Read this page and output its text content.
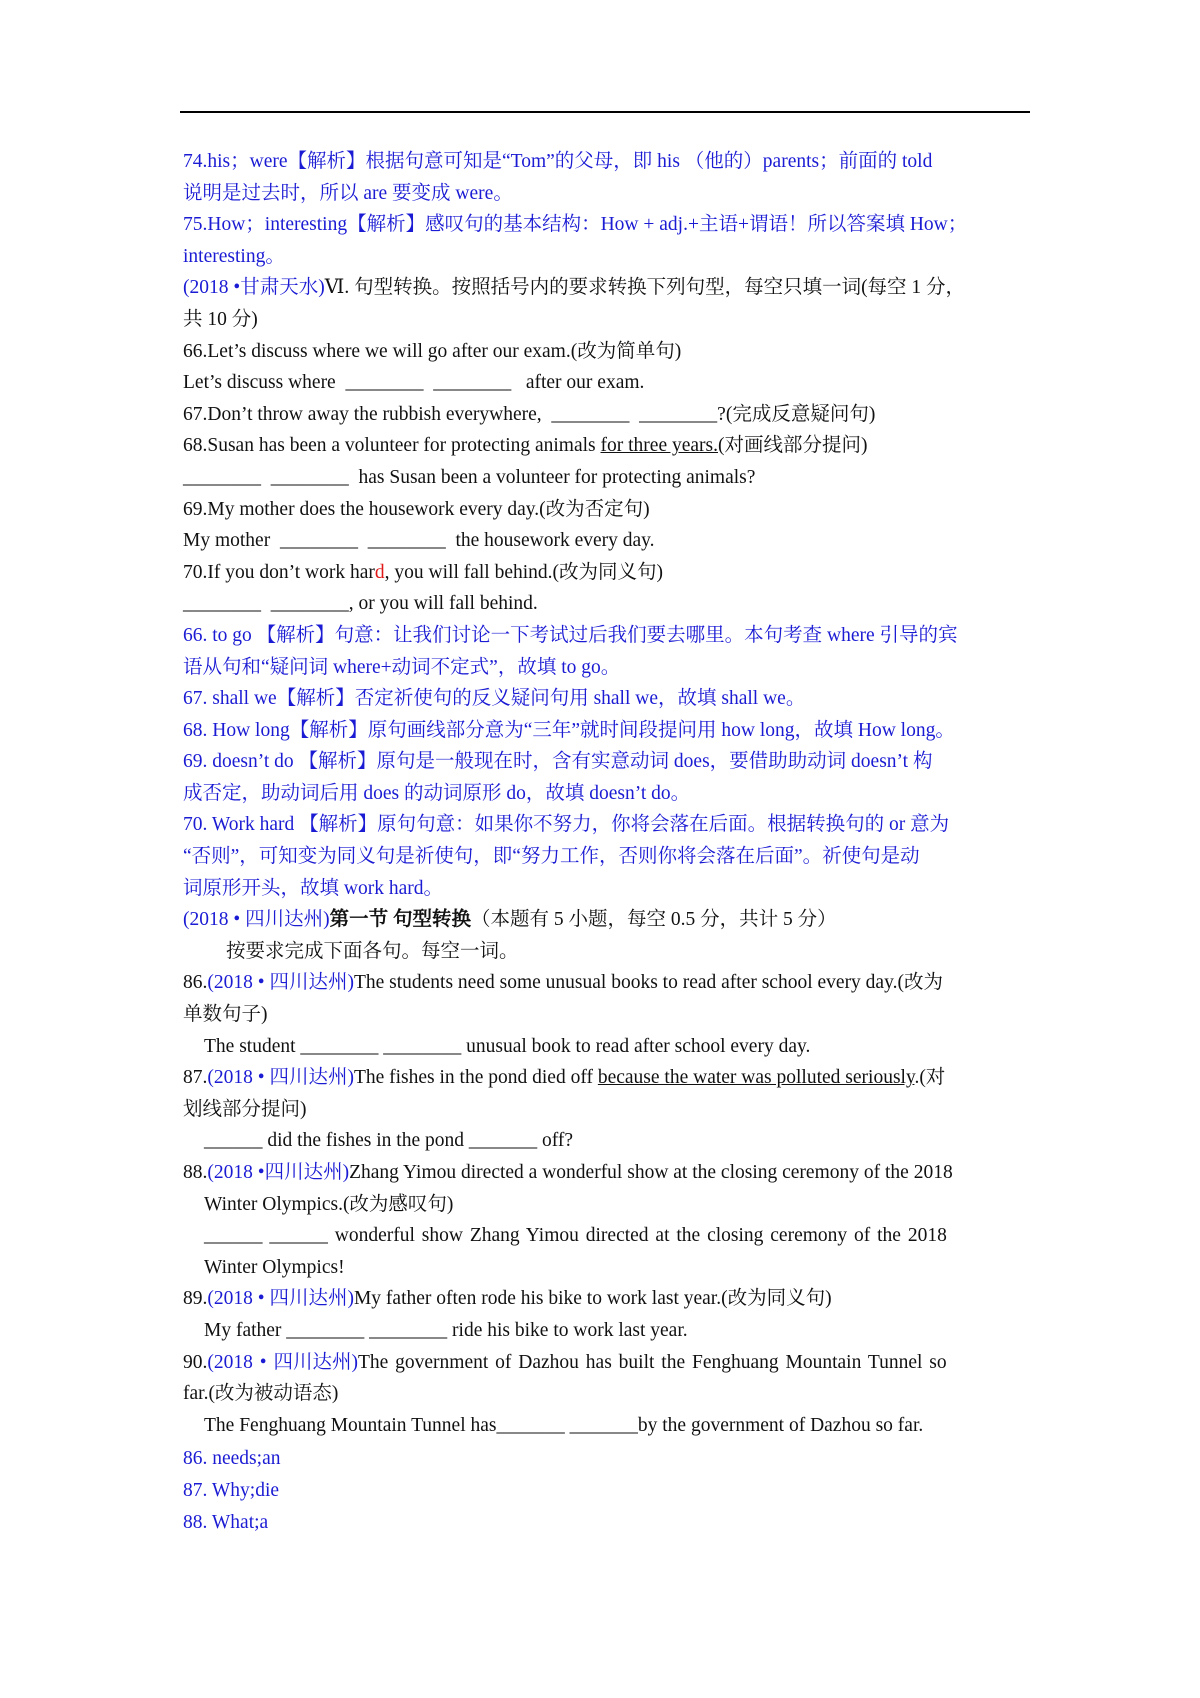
74.his；were【解析】根据句意可知是“Tom”的父母，即 his （他的）parents；前面的 told

说明是过去时，所以 are 要变成 were。

75.How；interesting【解析】感叹句的基本结构：How + adj.+主语+谓语！所以答案填 How；

interesting。

(2018 •甘肃天水)Ⅵ. 句型转换。按照括号内的要求转换下列句型，每空只填一词(每空 1 分，

共 10 分)

66.Let’s discuss where we will go after our exam.(改为简单句)

Let’s discuss where  ________  ________   after our exam.

67.Don’t throw away the rubbish everywhere,  ________  ________?(完成反意疑问句)

68.Susan has been a volunteer for protecting animals for three years.(对画线部分提问)

________  ________  has Susan been a volunteer for protecting animals?

69.My mother does the housework every day.(改为否定句)

My mother  ________  ________  the housework every day.

70.If you don’t work hard, you will fall behind.(改为同义句)

________  ________, or you will fall behind.

66. to go 【解析】句意：让我们讨论一下考试过后我们要去哪里。本句考查 where 引导的宾

语从句和“疑问词 where+动词不定式”，故填 to go。

67. shall we【解析】否定祈使句的反义疑问句用 shall we，故填 shall we。

68. How long【解析】原句画线部分意为“三年”就时间段提问用 how long，故填 How long。

69. doesn’t do 【解析】原句是一般现在时，含有实意动词 does，要借助助动词 doesn’t 构

成否定，助动词后用 does 的动词原形 do，故填 doesn’t do。

70. Work hard 【解析】原句句意：如果你不努力，你将会落在后面。根据转换句的 or 意为

“否则”，可知变为同义句是祈使句，即“努力工作，否则你将会落在后面”。祈使句是动

词原形开头，故填 work hard。

(2018 • 四川达州)第一节 句型转换（本题有 5 小题，每空 0.5 分，共计 5 分）

按要求完成下面各句。每空一词。

86.(2018 • 四川达州)The students need some unusual books to read after school every day.(改为

单数句子)

The student ________ ________ unusual book to read after school every day.

87.(2018 • 四川达州)The fishes in the pond died off because the water was polluted seriously.(对

划线部分提问)

______ did the fishes in the pond _______ off?

88.(2018 •四川达州)Zhang Yimou directed a wonderful show at the closing ceremony of the 2018

Winter Olympics.(改为感叹句)

______ ______ wonderful show Zhang Yimou directed at the closing ceremony of the 2018

Winter Olympics!

89.(2018 • 四川达州)My father often rode his bike to work last year.(改为同义句)

My father ________ ________ ride his bike to work last year.

90.(2018 • 四川达州)The government of Dazhou has built the Fenghuang Mountain Tunnel so

far.(改为被动语态)

The Fenghuang Mountain Tunnel has_______ _______by the government of Dazhou so far.

86. needs;an

87. Why;die

88. What;a
